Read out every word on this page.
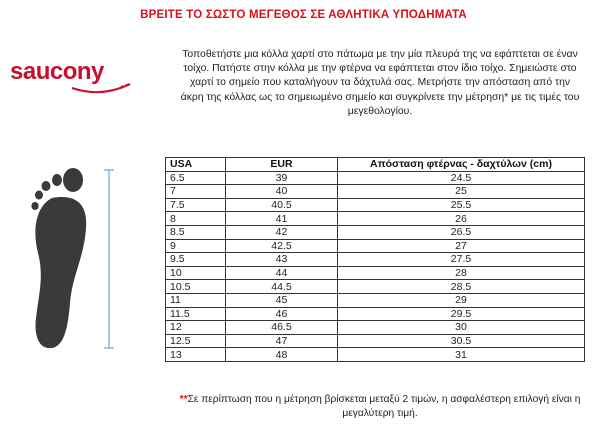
ΒΡΕΙΤΕ ΤΟ ΣΩΣΤΟ ΜΕΓΕΘΟΣ ΣΕ ΑΘΛΗΤΙΚΑ ΥΠΟΔΗΜΑΤΑ
saucony
Τοποθετήστε μια κόλλα χαρτί στο πάτωμα με την μία πλευρά της να εφάπτεται σε έναν τοίχο. Πατήστε στην κόλλα με την φτέρνα να εφάπτεται στον ίδιο τοίχο. Σημειώστε στο χαρτί το σημείο που καταλήγουν τα δάχτυλά σας. Μετρήστε την απόσταση από την άκρη της κόλλας ως το σημειωμένο σημείο και συγκρίνετε την μέτρηση* με τις τιμές του μεγεθολογίου.
USA	EUR	Απόσταση φτέρνας - δαχτύλων (cm)
6.5	39	24.5
7	40	25
7.5	40.5	25.5
8	41	26
8.5	42	26.5
9	42.5	27
9.5	43	27.5
10	44	28
10.5	44.5	28.5
11	45	29
11.5	46	29.5
12	46.5	30
12.5	47	30.5
13	48	31
**Σε περίπτωση που η μέτρηση βρίσκεται μεταξύ 2 τιμών, η ασφαλέστερη επιλογή είναι η μεγαλύτερη τιμή.
